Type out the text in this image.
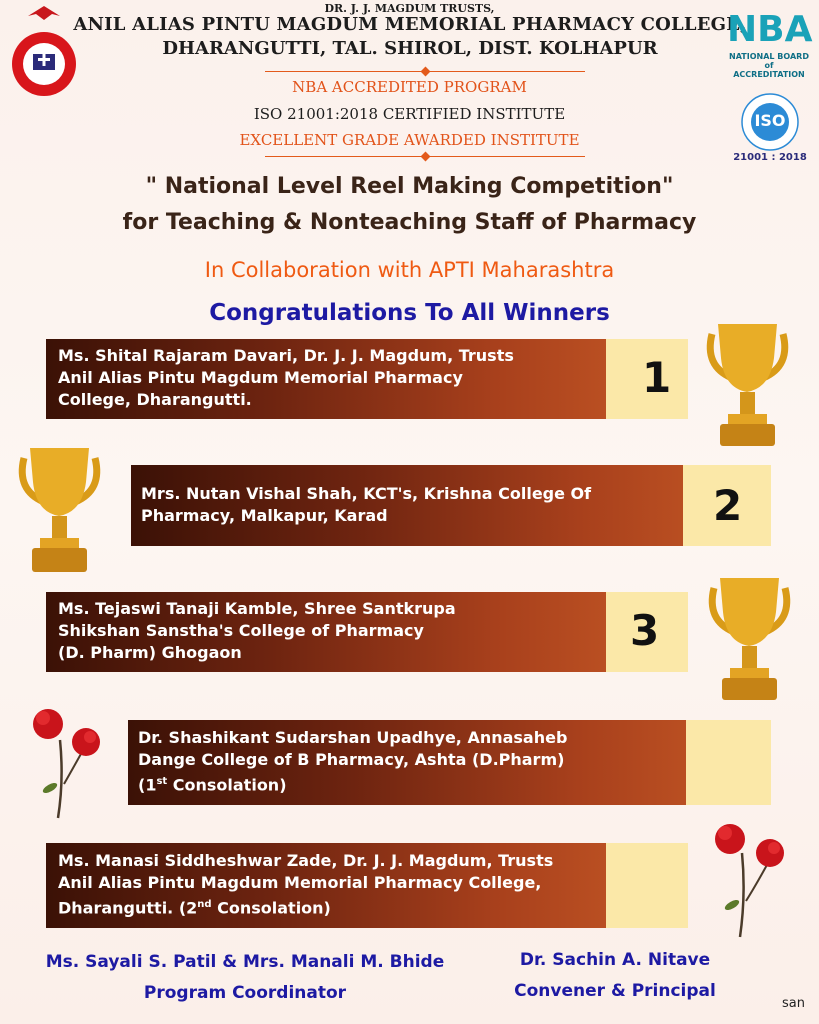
DR. J. J. MAGDUM TRUSTS,
ANIL ALIAS PINTU MAGDUM MEMORIAL PHARMACY COLLEGE,
DHARANGUTTI, TAL. SHIROL, DIST. KOLHAPUR
NBA ACCREDITED PROGRAM
ISO 21001:2018 CERTIFIED INSTITUTE
EXCELLENT GRADE AWARDED INSTITUTE
NBA
NATIONAL BOARD of
ACCREDITATION
ISO
21001 : 2018
" National Level Reel Making Competition"
for Teaching & Nonteaching Staff of Pharmacy
In Collaboration with APTI Maharashtra
Congratulations To All Winners
Ms. Shital Rajaram Davari, Dr. J. J. Magdum, Trusts
Anil Alias Pintu Magdum Memorial Pharmacy
College, Dharangutti.	1
Mrs. Nutan Vishal Shah, KCT's, Krishna College Of
Pharmacy, Malkapur, Karad	2
Ms. Tejaswi Tanaji Kamble, Shree Santkrupa
Shikshan Sanstha's College of Pharmacy
(D. Pharm) Ghogaon	3
Dr. Shashikant Sudarshan Upadhye, Annasaheb
Dange College of B Pharmacy, Ashta (D.Pharm)
(1st Consolation)
Ms. Manasi Siddheshwar Zade, Dr. J. J. Magdum, Trusts
Anil Alias Pintu Magdum Memorial Pharmacy College,
Dharangutti. (2nd Consolation)
Ms. Sayali S. Patil & Mrs. Manali M. Bhide
Program Coordinator
Dr. Sachin A. Nitave
Convener & Principal
san
